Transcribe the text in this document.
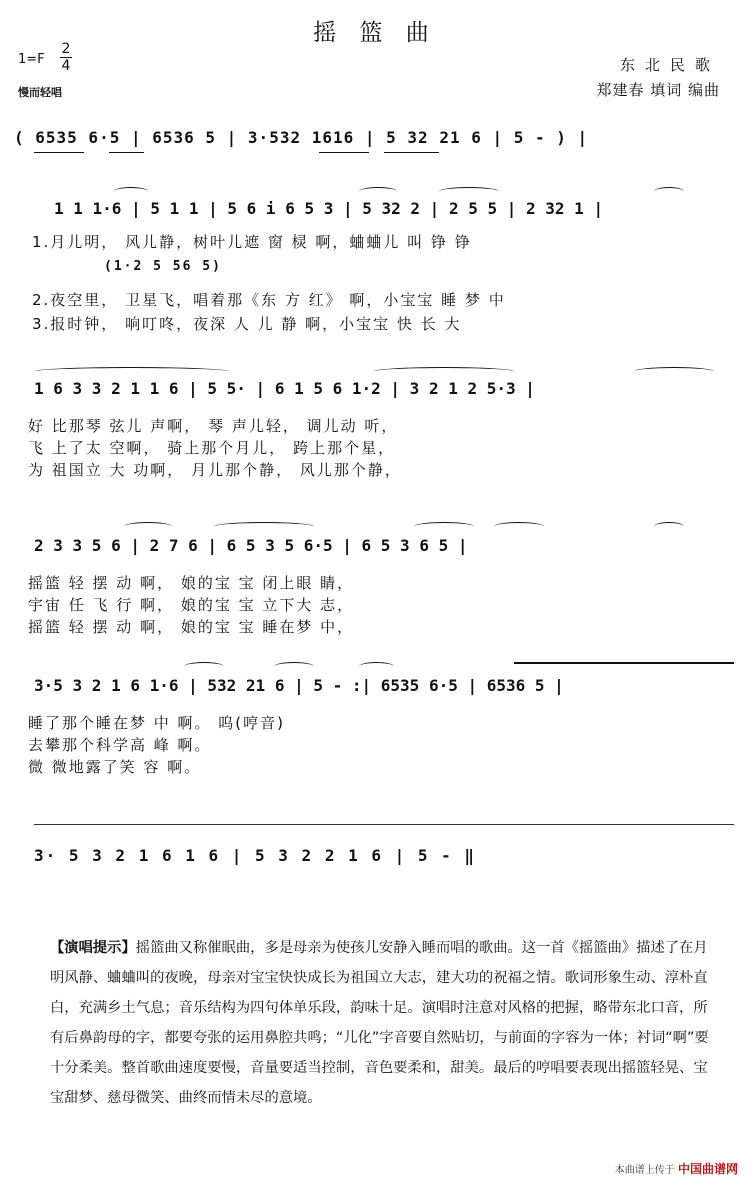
摇 篮 曲
1=F
2
4
慢而轻唱
东北民歌
郑建春 填词 编曲
( 6535 6·5 | 6536 5 | 3·532 1616 | 5 32 21 6 | 5 - ) |
1 1 1·6 | 5 1 1 | 5 6 i 6 5 3 | 5 32 2 | 2 5 5 | 2 32 1 |
1.月儿明， 风儿静，树叶儿遮 窗 棂 啊，蛐蛐儿 叫 铮 铮
(1·2 5 56 5)
2.夜空里， 卫星飞，唱着那《东 方 红》 啊，小宝宝 睡 梦 中
3.报时钟， 响叮咚，夜深 人 儿 静 啊，小宝宝 快 长 大
1 6 3 3 2 1 1 6 | 5 5· | 6 1 5 6 1·2 | 3 2 1 2 5·3 |
好 比那琴 弦儿 声啊， 琴 声儿轻， 调儿动 听，
飞 上了太 空啊， 骑上那个月儿， 跨上那个星，
为 祖国立 大 功啊， 月儿那个静， 风儿那个静，
2 3 3 5 6 | 2 7 6 | 6 5 3 5 6·5 | 6 5 3 6 5 |
摇篮 轻 摆 动 啊， 娘的宝 宝 闭上眼 睛，
宇宙 任 飞 行 啊， 娘的宝 宝 立下大 志，
摇篮 轻 摆 动 啊， 娘的宝 宝 睡在梦 中，
3·5 3 2 1 6 1·6 | 532 21 6 | 5 - :| 6535 6·5 | 6536 5 |
睡了那个睡在梦 中 啊。 呜(哼音)
去攀那个科学高 峰 啊。
微 微地露了笑 容 啊。
3· 5 3 2 1 6 1 6 | 5 3 2 2 1 6 | 5 - ‖
【演唱提示】摇篮曲又称催眠曲，多是母亲为使孩儿安静入睡而唱的歌曲。这一首《摇篮曲》描述了在月明风静、蛐蛐叫的夜晚，母亲对宝宝快快成长为祖国立大志，建大功的祝福之情。歌词形象生动、淳朴直白，充满乡土气息；音乐结构为四句体单乐段，韵味十足。演唱时注意对风格的把握，略带东北口音，所有后鼻韵母的字，都要夸张的运用鼻腔共鸣；“儿化”字音要自然贴切，与前面的字容为一体；衬词“啊”要十分柔美。整首歌曲速度要慢，音量要适当控制，音色要柔和，甜美。最后的哼唱要表现出摇篮轻晃、宝宝甜梦、慈母微笑、曲终而情未尽的意境。
本曲谱上传于 中国曲谱网
